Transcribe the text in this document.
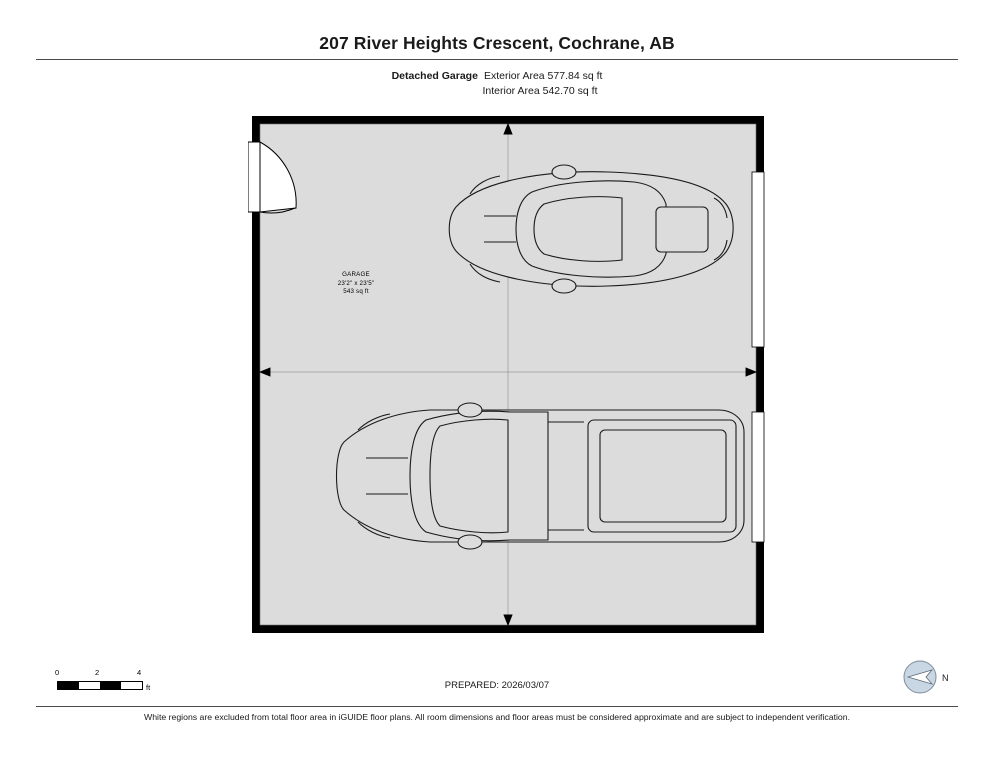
207 River Heights Crescent, Cochrane, AB
Detached Garage Exterior Area 577.84 sq ft
Interior Area 542.70 sq ft
GARAGE
23'2" x 23'5"
543 sq ft
0	2	4
ft	PREPARED: 2026/03/07
N
White regions are excluded from total floor area in iGUIDE floor plans. All room dimensions and floor areas must be considered approximate and are subject to independent verification.
